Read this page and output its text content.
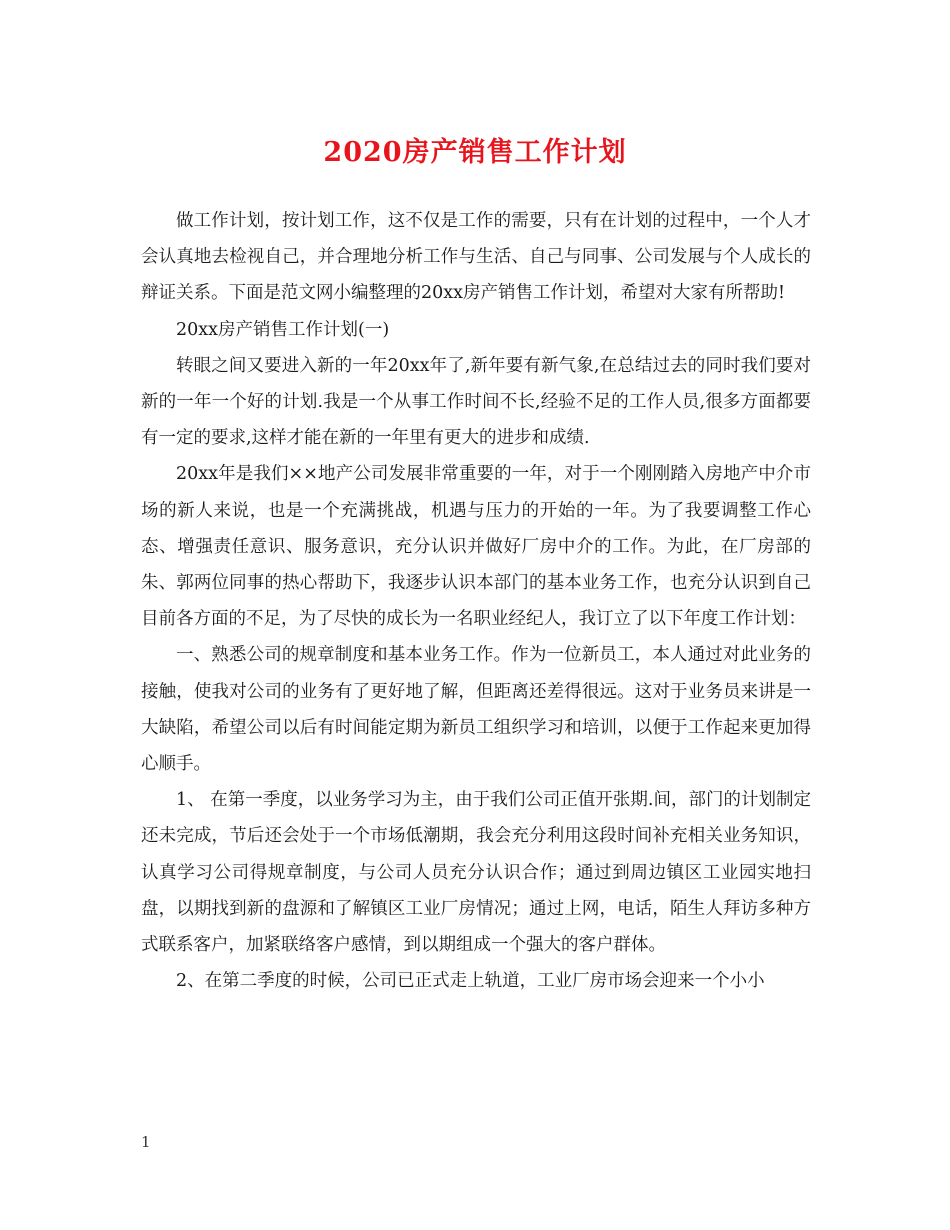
2020房产销售工作计划

做工作计划，按计划工作，这不仅是工作的需要，只有在计划的过程中，一个人才会认真地去检视自己，并合理地分析工作与生活、自己与同事、公司发展与个人成长的辩证关系。下面是范文网小编整理的20xx房产销售工作计划，希望对大家有所帮助!

20xx房产销售工作计划(一)

转眼之间又要进入新的一年20xx年了,新年要有新气象,在总结过去的同时我们要对新的一年一个好的计划.我是一个从事工作时间不长,经验不足的工作人员,很多方面都要有一定的要求,这样才能在新的一年里有更大的进步和成绩.

20xx年是我们××地产公司发展非常重要的一年，对于一个刚刚踏入房地产中介市场的新人来说，也是一个充满挑战，机遇与压力的开始的一年。为了我要调整工作心态、增强责任意识、服务意识，充分认识并做好厂房中介的工作。为此，在厂房部的朱、郭两位同事的热心帮助下，我逐步认识本部门的基本业务工作，也充分认识到自己目前各方面的不足，为了尽快的成长为一名职业经纪人，我订立了以下年度工作计划：

一、熟悉公司的规章制度和基本业务工作。作为一位新员工，本人通过对此业务的接触，使我对公司的业务有了更好地了解，但距离还差得很远。这对于业务员来讲是一大缺陷，希望公司以后有时间能定期为新员工组织学习和培训，以便于工作起来更加得心顺手。

1、 在第一季度，以业务学习为主，由于我们公司正值开张期.间，部门的计划制定还未完成，节后还会处于一个市场低潮期，我会充分利用这段时间补充相关业务知识，认真学习公司得规章制度，与公司人员充分认识合作；通过到周边镇区工业园实地扫盘，以期找到新的盘源和了解镇区工业厂房情况；通过上网，电话，陌生人拜访多种方式联系客户，加紧联络客户感情，到以期组成一个强大的客户群体。

2、在第二季度的时候，公司已正式走上轨道，工业厂房市场会迎来一个小小

1
